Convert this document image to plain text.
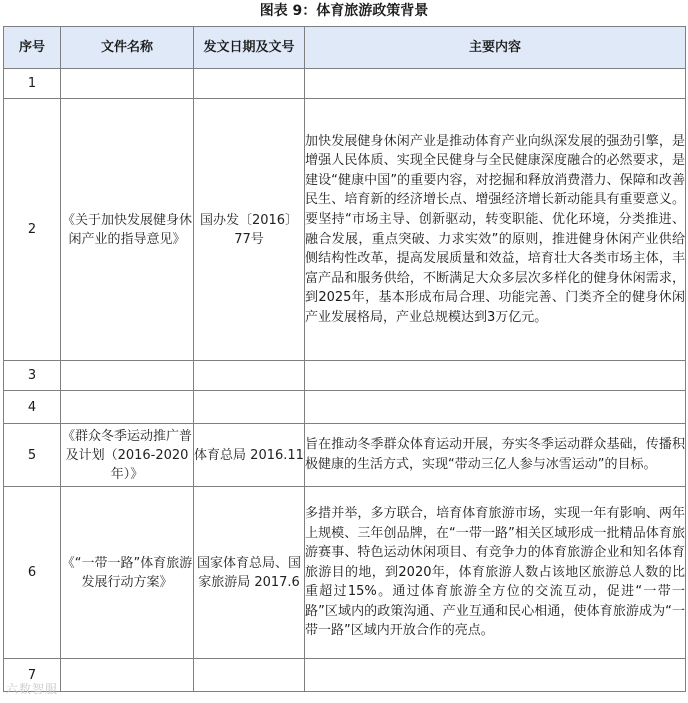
图表 9：体育旅游政策背景
序号	文件名称	发文日期及文号	主要内容
1			
2	《关于加快发展健身休闲产业的指导意见》	国办发〔2016〕77号	加快发展健身休闲产业是推动体育产业向纵深发展的强劲引擎，是增强人民体质、实现全民健身与全民健康深度融合的必然要求，是建设“健康中国”的重要内容，对挖掘和释放消费潜力、保障和改善民生、培育新的经济增长点、增强经济增长新动能具有重要意义。要坚持“市场主导、创新驱动，转变职能、优化环境，分类推进、融合发展，重点突破、力求实效”的原则，推进健身休闲产业供给侧结构性改革，提高发展质量和效益，培育壮大各类市场主体，丰富产品和服务供给，不断满足大众多层次多样化的健身休闲需求，到2025年，基本形成布局合理、功能完善、门类齐全的健身休闲产业发展格局，产业总规模达到3万亿元。
3			
4			
5	《群众冬季运动推广普及计划（2016-2020年）》	体育总局 2016.11	旨在推动冬季群众体育运动开展，夯实冬季运动群众基础，传播积极健康的生活方式，实现“带动三亿人参与冰雪运动”的目标。
6	《“一带一路”体育旅游发展行动方案》	国家体育总局、国家旅游局 2017.6	多措并举，多方联合，培育体育旅游市场，实现一年有影响、两年上规模、三年创品牌，在“一带一路”相关区域形成一批精品体育旅游赛事、特色运动休闲项目、有竞争力的体育旅游企业和知名体育旅游目的地，到2020年，体育旅游人数占该地区旅游总人数的比重超过15%。通过体育旅游全方位的交流互动，促进“一带一路”区域内的政策沟通、产业互通和民心相通，使体育旅游成为“一带一路”区域内开放合作的亮点。
7			
六数智服
